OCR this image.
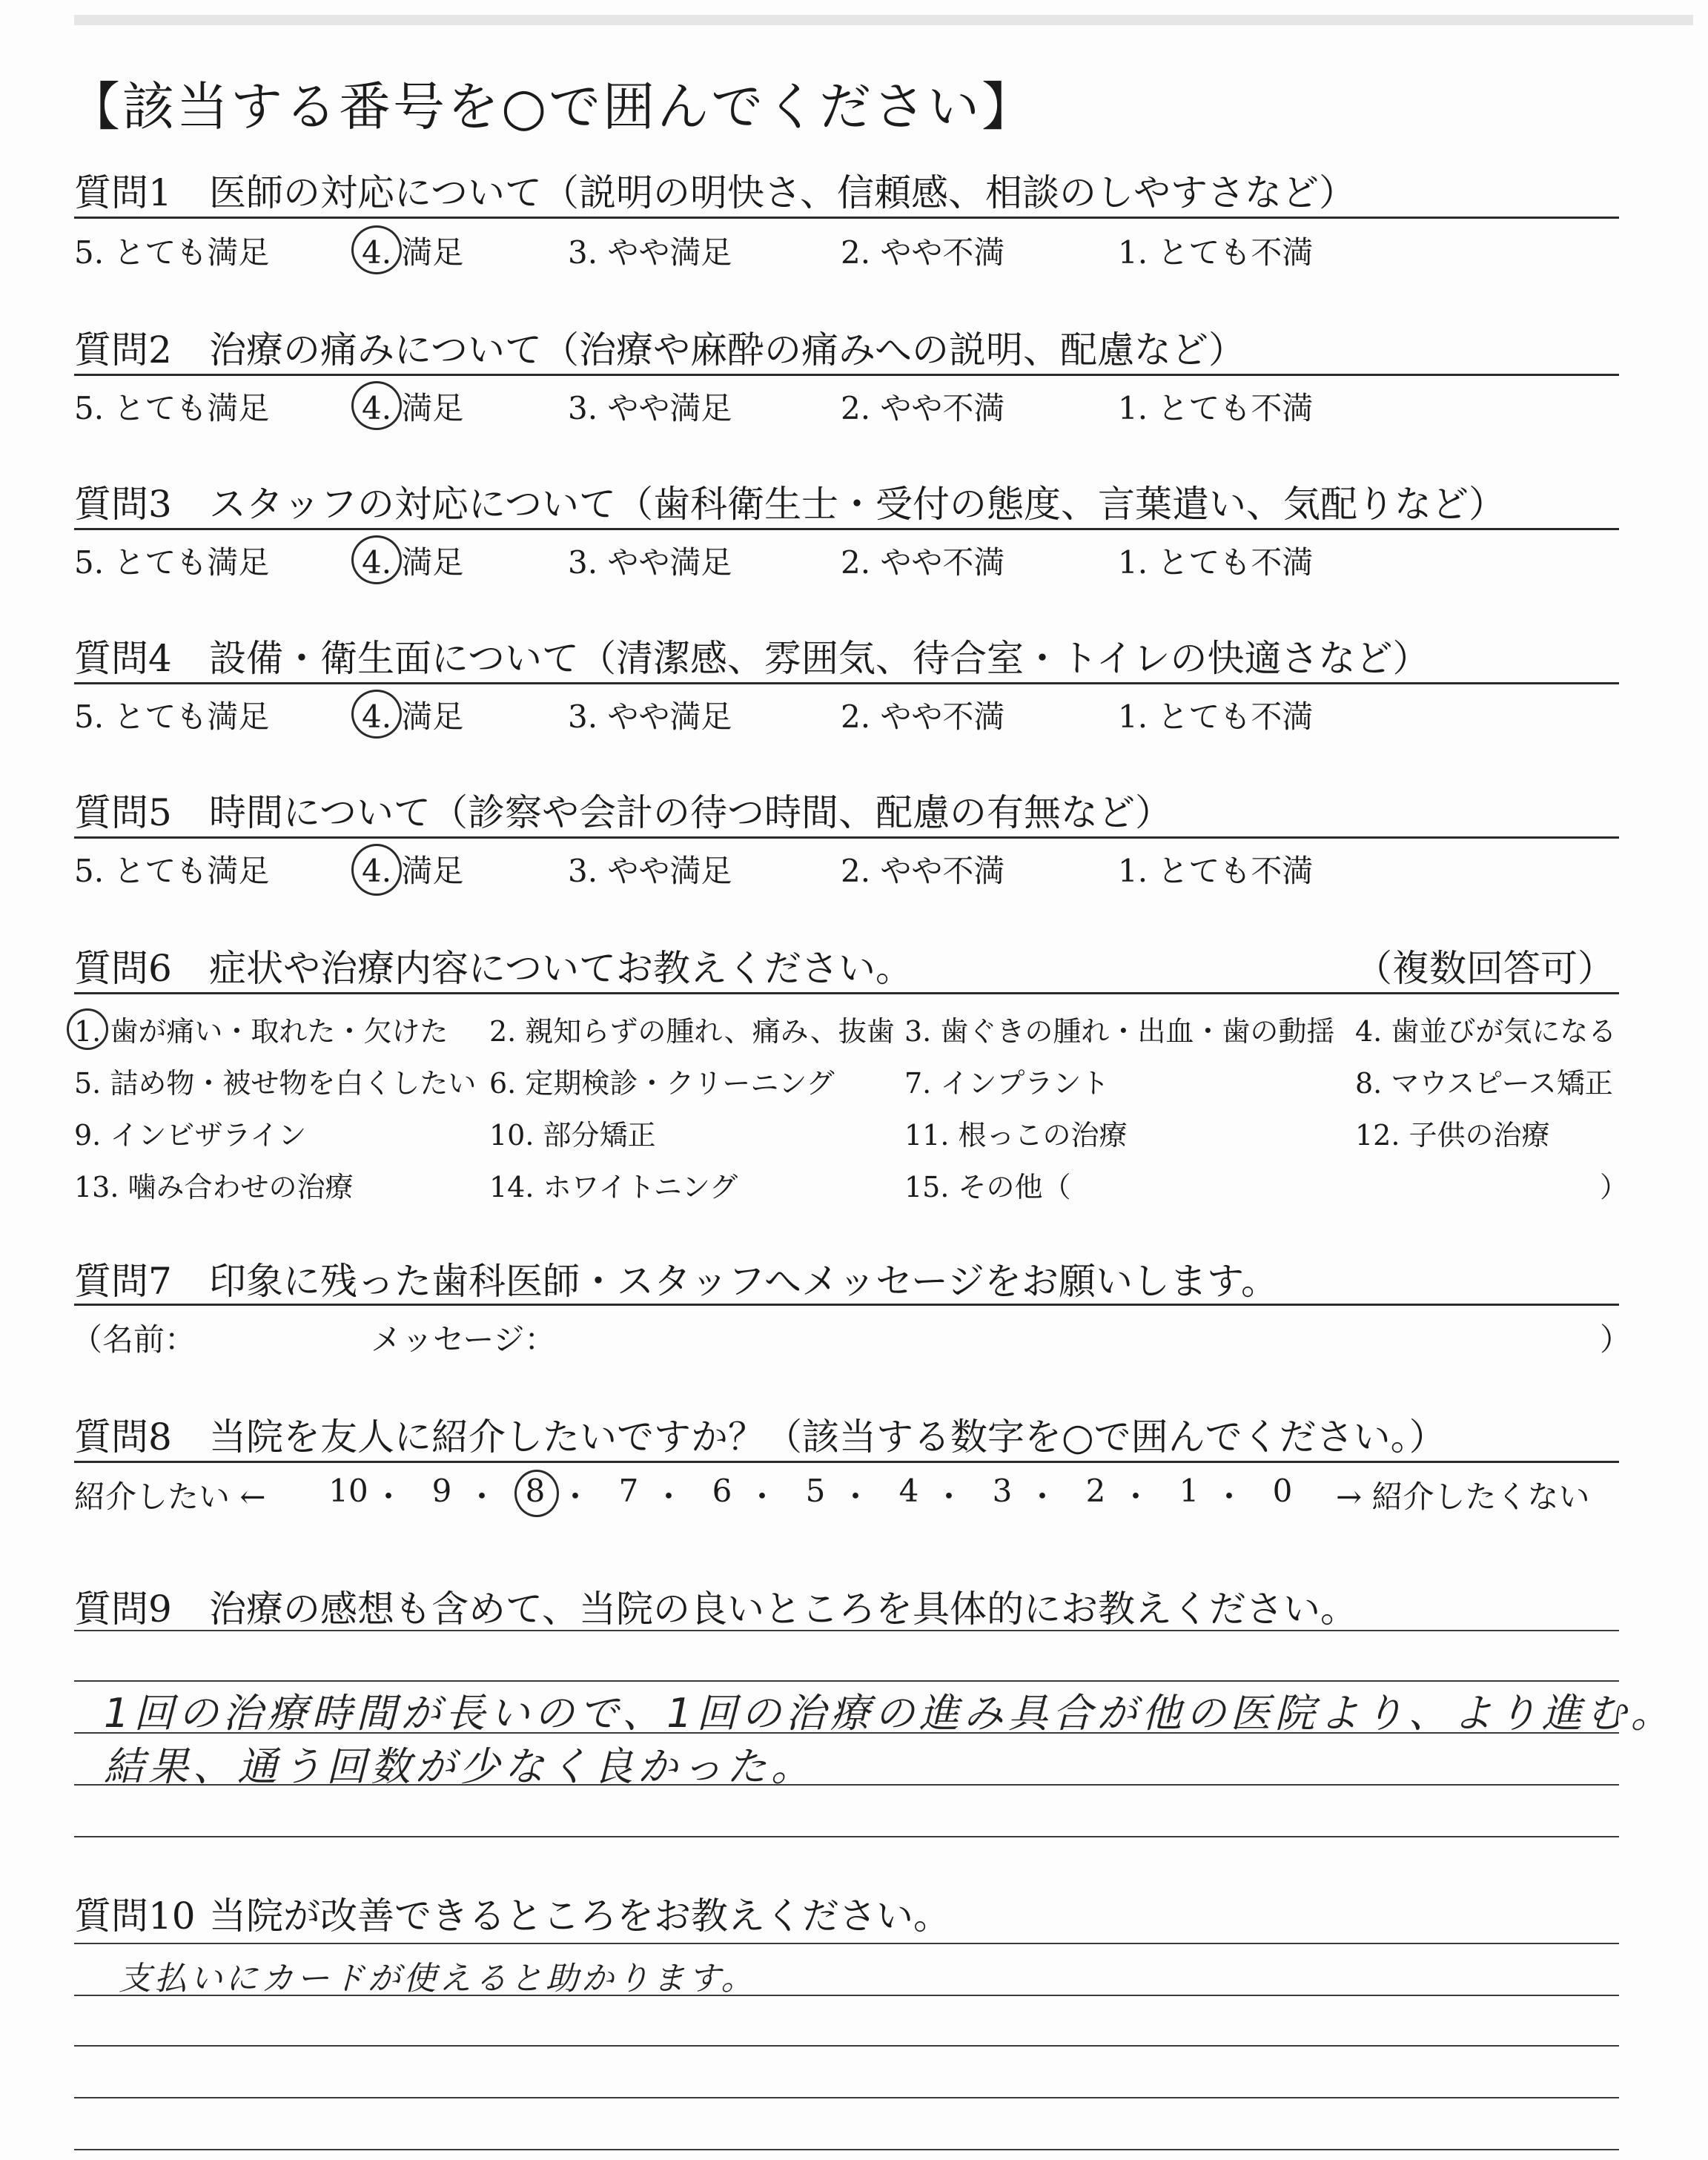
【該当する番号を○で囲んでください】
質問1 医師の対応について（説明の明快さ、信頼感、相談のしやすさなど）
5. とても満足	4. 満足	3. やや満足	2. やや不満	1. とても不満
質問2 治療の痛みについて（治療や麻酔の痛みへの説明、配慮など）
5. とても満足	4. 満足	3. やや満足	2. やや不満	1. とても不満
質問3 スタッフの対応について（歯科衛生士・受付の態度、言葉遣い、気配りなど）
5. とても満足	4. 満足	3. やや満足	2. やや不満	1. とても不満
質問4 設備・衛生面について（清潔感、雰囲気、待合室・トイレの快適さなど）
5. とても満足	4. 満足	3. やや満足	2. やや不満	1. とても不満
質問5 時間について（診察や会計の待つ時間、配慮の有無など）
5. とても満足	4. 満足	3. やや満足	2. やや不満	1. とても不満
質問6 症状や治療内容についてお教えください。	（複数回答可）
1. 歯が痛い・取れた・欠けた 2. 親知らずの腫れ、痛み、抜歯 3. 歯ぐきの腫れ・出血・歯の動揺 4. 歯並びが気になる
5. 詰め物・被せ物を白くしたい 6. 定期検診・クリーニング 7. インプラント	8. マウスピース矯正
9. インビザライン	10. 部分矯正	11. 根っこの治療	12. 子供の治療
13. 噛み合わせの治療	14. ホワイトニング	15. その他（	）
質問7 印象に残った歯科医師・スタッフへメッセージをお願いします。
（名前：	メッセージ：	）
質問8 当院を友人に紹介したいですか？（該当する数字を○で囲んでください。）
紹介したい ← 10 ・ 9 ・ 8 ・ 7 ・ 6 ・ 5 ・ 4 ・ 3 ・ 2 ・ 1 ・ 0	→ 紹介したくない
質問9 治療の感想も含めて、当院の良いところを具体的にお教えください。
1回の治療時間が長いので、1回の治療の進み具合が他の医院より、より進む。
結果、通う回数が少なく良かった。
質問10 当院が改善できるところをお教えください。
支払いにカードが使えると助かります。
